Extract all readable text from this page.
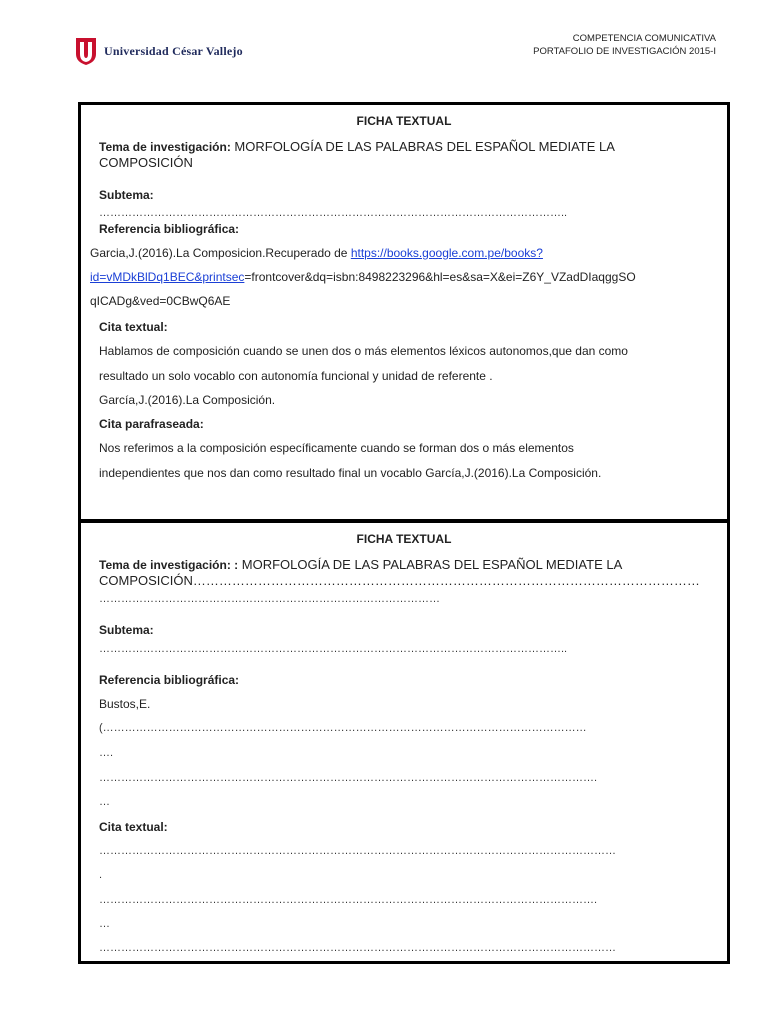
Universidad César Vallejo
COMPETENCIA COMUNICATIVA
PORTAFOLIO DE INVESTIGACIÓN 2015-I
FICHA TEXTUAL
Tema de investigación: MORFOLOGÍA DE LAS PALABRAS DEL ESPAÑOL MEDIATE LA
COMPOSICIÓN
Subtema:
………………………………………………………………………………………………………………..
Referencia bibliográfica:
Garcia,J.(2016).La Composicion.Recuperado de https://books.google.com.pe/books?
id=vMDkBlDq1BEC&printsec=frontcover&dq=isbn:8498223296&hl=es&sa=X&ei=Z6Y_VZadDIaqggSO
qICADg&ved=0CBwQ6AE
Cita textual:
Hablamos de composición cuando se unen dos o más elementos léxicos autonomos,que dan como
resultado un solo vocablo con autonomía funcional y unidad de referente .
García,J.(2016).La Composición.
Cita parafraseada:
Nos referimos a la composición específicamente cuando se forman dos o más elementos
independientes que nos dan como resultado final un vocablo García,J.(2016).La Composición.
FICHA TEXTUAL
Tema de investigación: : MORFOLOGÍA DE LAS PALABRAS DEL ESPAÑOL MEDIATE LA
COMPOSICIÓN………………………………………………………………………………………………………
…………………………………………………………………………………
Subtema:
………………………………………………………………………………………………………………..
Referencia bibliográfica:
Bustos,E.
(……………………………………………………………………………………………………………………
….
……………………………………………………………………………………………………………………….
…
Cita textual:
……………………………………………………………………………………………………………………………
.
……………………………………………………………………………………………………………………….
…
……………………………………………………………………………………………………………………………
